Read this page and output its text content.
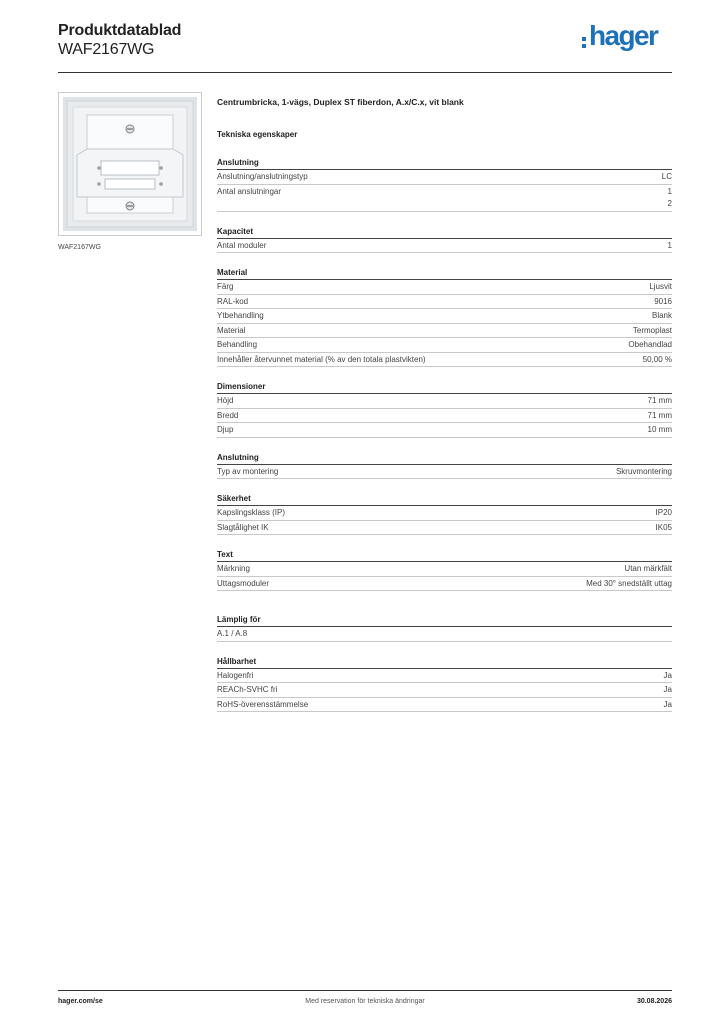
Produktdatablad
WAF2167WG	hager
WAF2167WG
Centrumbricka, 1-vägs, Duplex ST fiberdon, A.x/C.x, vit blank
Tekniska egenskaper
Anslutning
Anslutning/anslutningstyp	LC
Antal anslutningar	1
2
Kapacitet
Antal moduler	1
Material
Färg	Ljusvit
RAL-kod	9016
Ytbehandling	Blank
Material	Termoplast
Behandling	Obehandlad
Innehåller återvunnet material (% av den totala plastvikten)	50,00 %
Dimensioner
Höjd	71 mm
Bredd	71 mm
Djup	10 mm
Anslutning
Typ av montering	Skruvmontering
Säkerhet
Kapslingsklass (IP)	IP20
Slagtålighet IK	IK05
Text
Märkning	Utan märkfält
Uttagsmoduler	Med 30° snedställt uttag
Lämplig för
A.1 / A.8
Hållbarhet
Halogenfri	Ja
REACh-SVHC fri	Ja
RoHS-överensstämmelse	Ja
hager.com/se	Med reservation för tekniska ändringar	30.08.2026
